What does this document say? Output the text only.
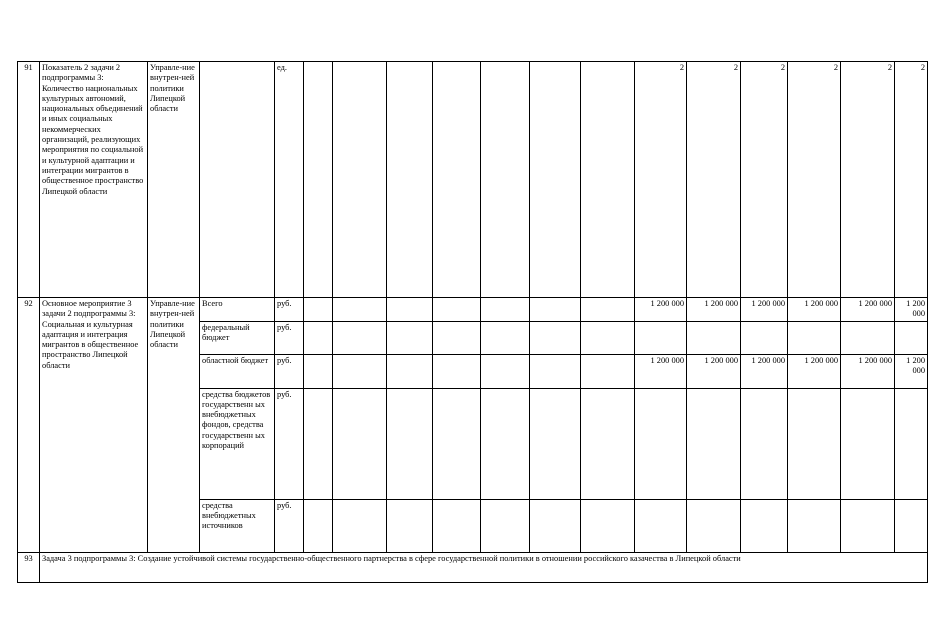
91	Показатель 2 задачи 2 подпрограммы 3: Количество национальных культурных автономий, национальных объединений и иных социальных некоммерческих организаций, реализующих мероприятия по социальной и культурной адаптации и интеграции мигрантов в общественное пространство Липецкой области	Управле-ние внутрен-ней политики Липецкой области		ед.								2	2	2	2	2	2
92	Основное мероприятие 3 задачи 2 подпрограммы 3: Социальная и культурная адаптация и интеграция мигрантов в общественное пространство Липецкой области	Управле-ние внутрен-ней политики Липецкой области	Всего	руб.								1 200 000	1 200 000	1 200 000	1 200 000	1 200 000	1 200 000
			федеральный бюджет	руб.													
			областной бюджет	руб.								1 200 000	1 200 000	1 200 000	1 200 000	1 200 000	1 200 000
			средства бюджетов государственн ых внебюджетных фондов, средства государственн ых корпораций	руб.													
			средства внебюджетных источников	руб.													
93	Задача 3 подпрограммы 3: Создание устойчивой системы государственно-общественного партнерства в сфере государственной политики в отношении российского казачества в Липецкой области																
